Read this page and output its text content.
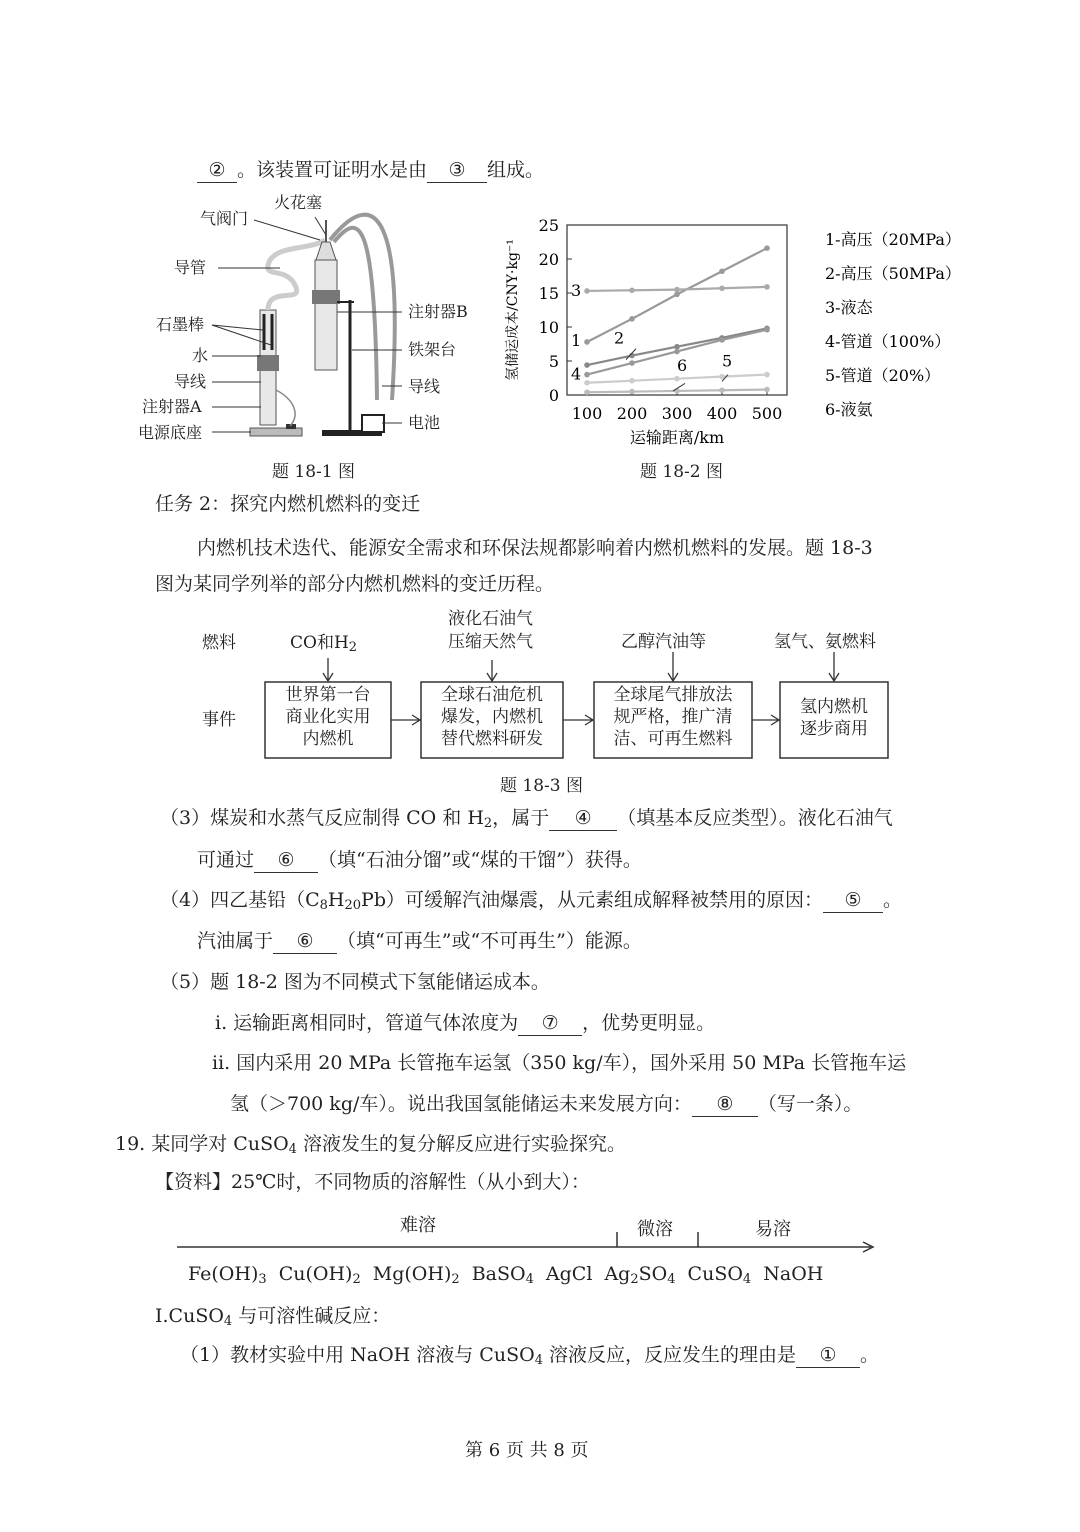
② 。该装置可证明水是由 ③ 组成。
火花塞
气阀门
导管
石墨棒
水
导线
注射器A
电源底座
注射器B
铁架台
导线
电池
题 18-1 图
0
5
10
15
20
25
100 200 300 400 500
运输距离/km
氢储运成本/CNY·kg⁻¹	1 2
3
4
5
6
1-高压（20MPa）
2-高压（50MPa）
3-液态
4-管道（100%）
5-管道（20%）
6-液氨
题 18-2 图
任务 2：探究内燃机燃料的变迁
内燃机技术迭代、能源安全需求和环保法规都影响着内燃机燃料的发展。题 18-3
图为某同学列举的部分内燃机燃料的变迁历程。
燃料
事件
CO和$H_2$
液化石油气
压缩天然气	乙醇汽油等	氢气、氨燃料
世界第一台
商业化实用
内燃机
全球石油危机
爆发，内燃机
替代燃料研发
全球尾气排放法
规严格，推广清
洁、可再生燃料
氢内燃机
逐步商用
题 18-3 图
（3）煤炭和水蒸气反应制得 CO 和 $H_2$，属于 ④ （填基本反应类型）。液化石油气
可通过 ⑥ （填“石油分馏”或“煤的干馏”）获得。
（4）四乙基铅$(C_8H_{20}Pb)$可缓解汽油爆震，从元素组成解释被禁用的原因： ⑤ 。
汽油属于 ⑥ （填“可再生”或“不可再生”）能源。
（5）题 18-2 图为不同模式下氢能储运成本。
ⅰ. 运输距离相同时，管道气体浓度为 ⑦ ，优势更明显。
ⅱ. 国内采用 20 MPa 长管拖车运氢（350 kg/车），国外采用 50 MPa 长管拖车运
氢（＞700 kg/车）。说出我国氢能储运未来发展方向： ⑧ （写一条）。
19. 某同学对 CuSO$_4$ 溶液发生的复分解反应进行实验探究。
【资料】25℃时，不同物质的溶解性（从小到大）：
难溶	微溶	易溶
$Fe(OH)_3$ $Cu(OH)_2$ $Mg(OH)_2$ BaSO$_4$ AgCl $Ag_2SO_4$ CuSO$_4$ NaOH
Ⅰ.CuSO$_4$ 与可溶性碱反应：
（1）教材实验中用 NaOH 溶液与 CuSO$_4$ 溶液反应，反应发生的理由是 ① 。
第 6 页 共 8 页
